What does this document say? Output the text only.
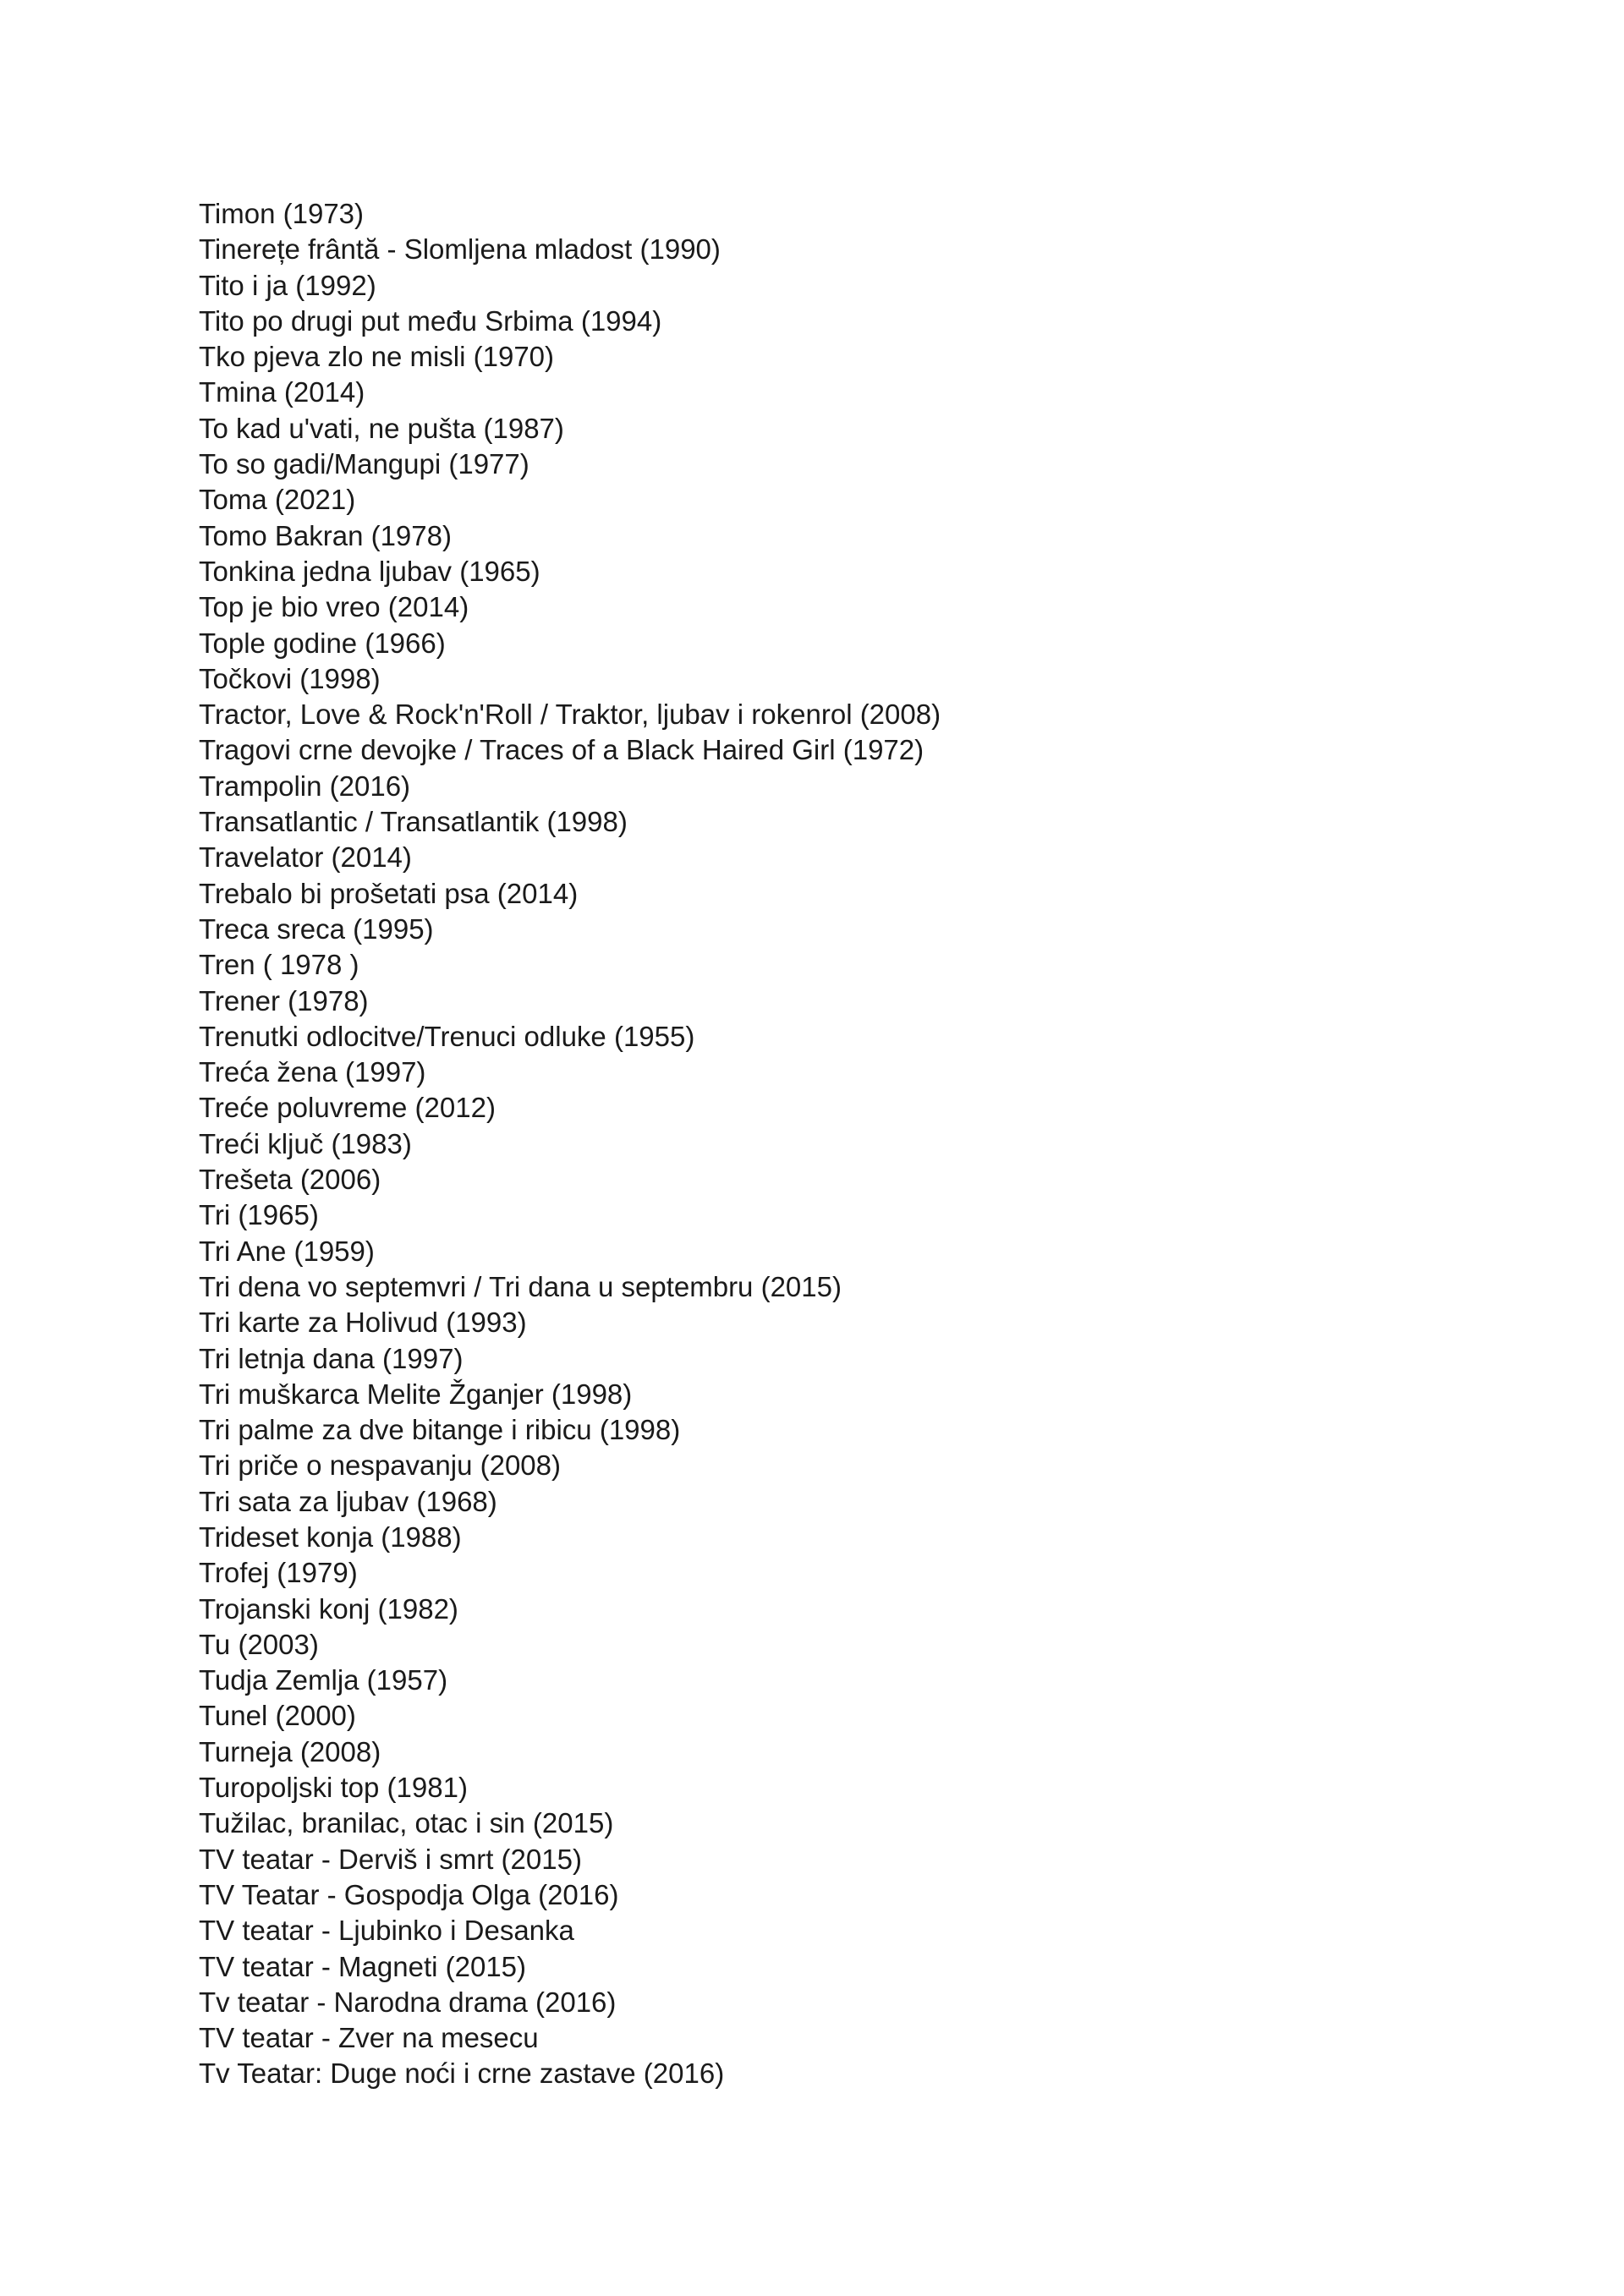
Timon (1973)
Tinerețe frântă - Slomljena mladost (1990)
Tito i ja (1992)
Tito po drugi put među Srbima (1994)
Tko pjeva zlo ne misli (1970)
Tmina (2014)
To kad u'vati, ne pušta (1987)
To so gadi/Mangupi (1977)
Toma (2021)
Tomo Bakran (1978)
Tonkina jedna ljubav (1965)
Top je bio vreo (2014)
Tople godine (1966)
Točkovi (1998)
Tractor, Love & Rock'n'Roll / Traktor, ljubav i rokenrol (2008)
Tragovi crne devojke / Traces of a Black Haired Girl (1972)
Trampolin (2016)
Transatlantic / Transatlantik (1998)
Travelator (2014)
Trebalo bi prošetati psa (2014)
Treca sreca (1995)
Tren ( 1978 )
Trener (1978)
Trenutki odlocitve/Trenuci odluke (1955)
Treća žena (1997)
Treće poluvreme (2012)
Treći ključ (1983)
Trešeta (2006)
Tri (1965)
Tri Ane (1959)
Tri dena vo septemvri / Tri dana u septembru (2015)
Tri karte za Holivud (1993)
Tri letnja dana (1997)
Tri muškarca Melite Žganjer (1998)
Tri palme za dve bitange i ribicu (1998)
Tri priče o nespavanju (2008)
Tri sata za ljubav (1968)
Trideset konja (1988)
Trofej (1979)
Trojanski konj (1982)
Tu (2003)
Tudja Zemlja (1957)
Tunel (2000)
Turneja (2008)
Turopoljski top (1981)
Tužilac, branilac, otac i sin (2015)
TV teatar - Derviš i smrt (2015)
TV Teatar - Gospodja Olga (2016)
TV teatar - Ljubinko i Desanka
TV teatar - Magneti (2015)
Tv teatar - Narodna drama (2016)
TV teatar - Zver na mesecu
Tv Teatar: Duge noći i crne zastave (2016)
